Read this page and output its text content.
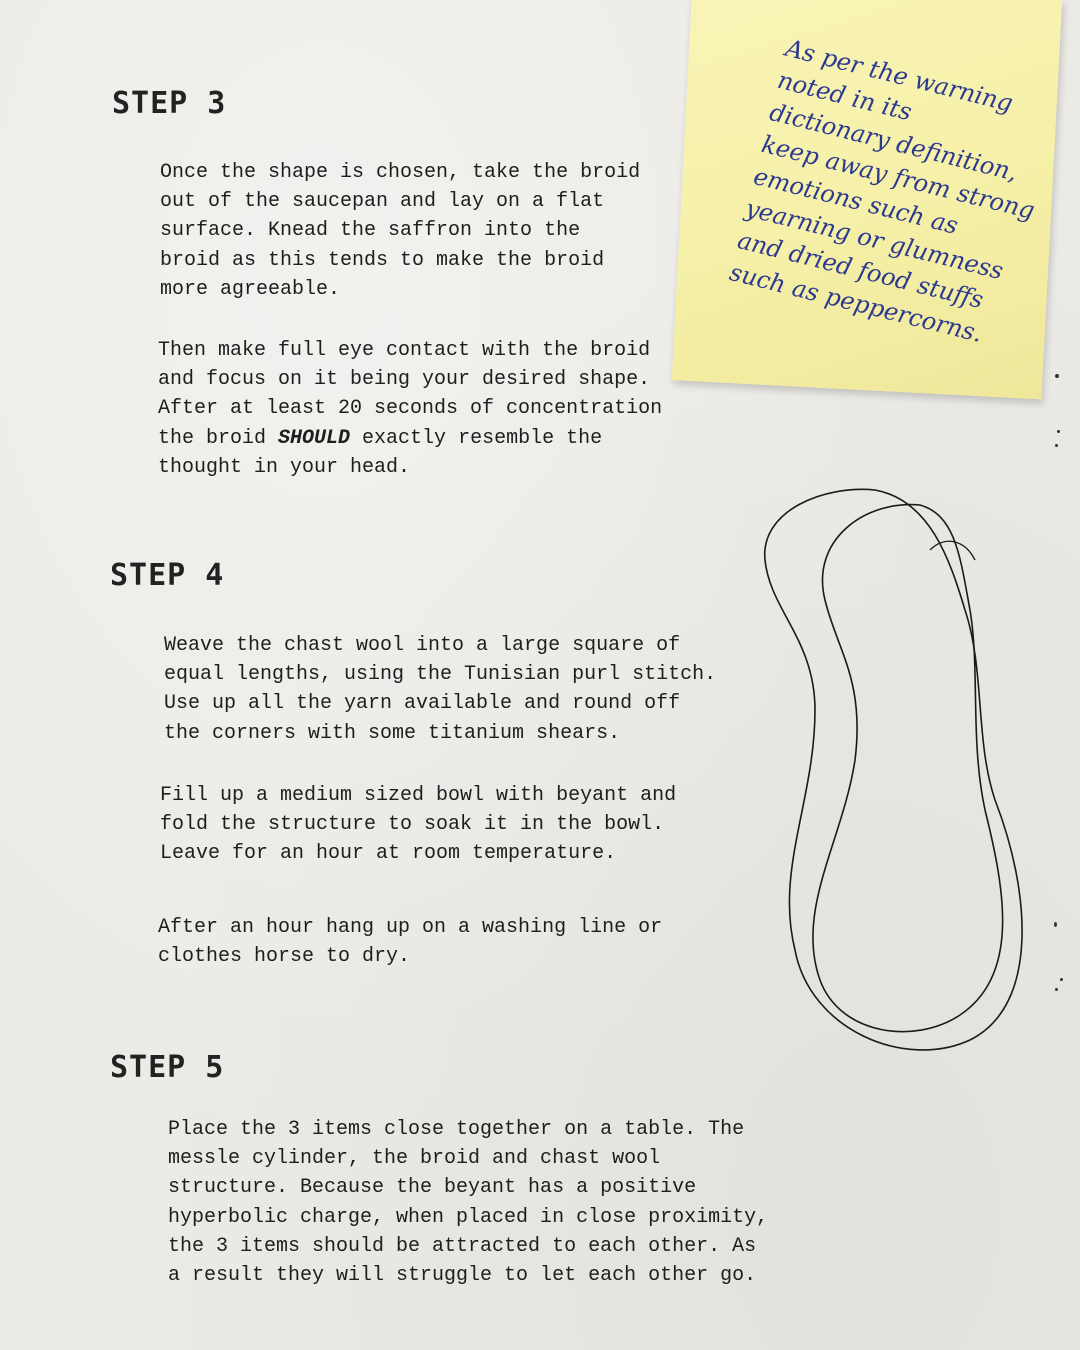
STEP 3

Once the shape is chosen, take the broid
out of the saucepan and lay on a flat
surface. Knead the saffron into the
broid as this tends to make the broid
more agreeable.

Then make full eye contact with the broid
and focus on it being your desired shape.
After at least 20 seconds of concentration
the broid SHOULD exactly resemble the
thought in your head.

STEP 4

Weave the chast wool into a large square of
equal lengths, using the Tunisian purl stitch.
Use up all the yarn available and round off
the corners with some titanium shears.

Fill up a medium sized bowl with beyant and
fold the structure to soak it in the bowl.
Leave for an hour at room temperature.

After an hour hang up on a washing line or
clothes horse to dry.

STEP 5

Place the 3 items close together on a table. The
messle cylinder, the broid and chast wool
structure. Because the beyant has a positive
hyperbolic charge, when placed in close proximity,
the 3 items should be attracted to each other. As
a result they will struggle to let each other go.

As per the warning
noted in its
dictionary definition,
keep away from strong
emotions such as
yearning or glumness
and dried food stuffs
such as peppercorns.
